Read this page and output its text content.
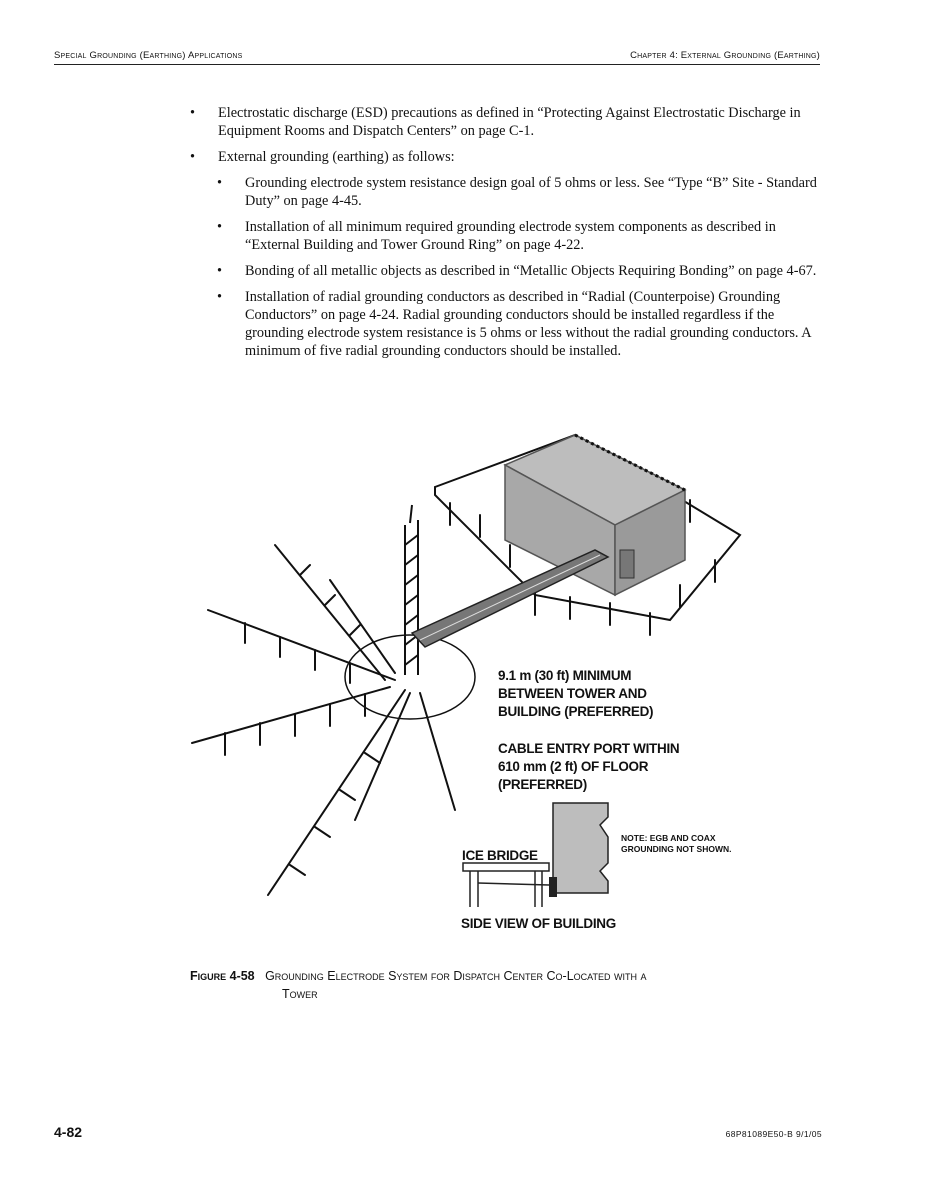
Special Grounding (Earthing) Applications	Chapter 4: External Grounding (Earthing)
• Electrostatic discharge (ESD) precautions as defined in “Protecting Against Electrostatic Discharge in Equipment Rooms and Dispatch Centers” on page C-1.
• External grounding (earthing) as follows:
• Grounding electrode system resistance design goal of 5 ohms or less. See “Type “B” Site - Standard Duty” on page 4-45.
• Installation of all minimum required grounding electrode system components as described in “External Building and Tower Ground Ring” on page 4-22.
• Bonding of all metallic objects as described in “Metallic Objects Requiring Bonding” on page 4-67.
• Installation of radial grounding conductors as described in “Radial (Counterpoise) Grounding Conductors” on page 4-24. Radial grounding conductors should be installed regardless if the grounding electrode system resistance is 5 ohms or less without the radial grounding conductors. A minimum of five radial grounding conductors should be installed.
9.1 m (30 ft) MINIMUM
BETWEEN TOWER AND
BUILDING (PREFERRED)
CABLE ENTRY PORT WITHIN
610 mm (2 ft) OF FLOOR
(PREFERRED)
ICE BRIDGE
NOTE: EGB AND COAX
GROUNDING NOT SHOWN.
SIDE VIEW OF BUILDING
Figure 4-58 Grounding Electrode System for Dispatch Center Co-Located with a
Tower
4-82	68P81089E50-B 9/1/05
